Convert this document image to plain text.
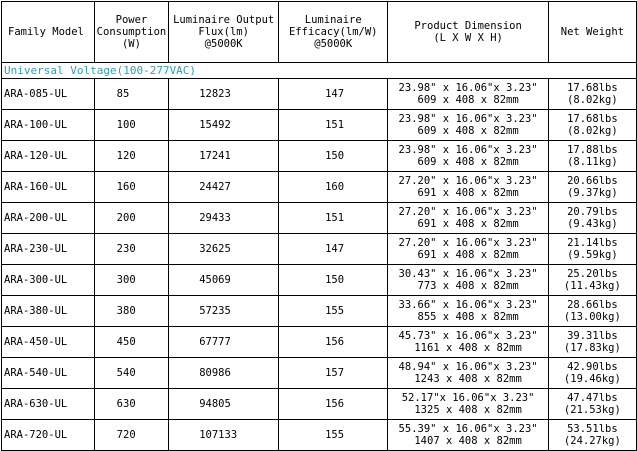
Family Model	Power
Consumption
(W)	Luminaire Output
Flux(lm)
@5000K	Luminaire
Efficacy(lm/W)
@5000K	Product Dimension
(L X W X H)	Net Weight

Universal Voltage(100-277VAC)					
ARA-085-UL	85	12823	147	23.98" x 16.06"x 3.23"
609 x 408 x 82mm	17.68lbs
(8.02kg)

ARA-100-UL	100	15492	151	23.98" x 16.06"x 3.23"
609 x 408 x 82mm	17.68lbs
(8.02kg)

ARA-120-UL	120	17241	150	23.98" x 16.06"x 3.23"
609 x 408 x 82mm	17.88lbs
(8.11kg)

ARA-160-UL	160	24427	160	27.20" x 16.06"x 3.23"
691 x 408 x 82mm	20.66lbs
(9.37kg)

ARA-200-UL	200	29433	151	27.20" x 16.06"x 3.23"
691 x 408 x 82mm	20.79lbs
(9.43kg)

ARA-230-UL	230	32625	147	27.20" x 16.06"x 3.23"
691 x 408 x 82mm	21.14lbs
(9.59kg)

ARA-300-UL	300	45069	150	30.43" x 16.06"x 3.23"
773 x 408 x 82mm	25.20lbs
(11.43kg)

ARA-380-UL	380	57235	155	33.66" x 16.06"x 3.23"
855 x 408 x 82mm	28.66lbs
(13.00kg)

ARA-450-UL	450	67777	156	45.73" x 16.06"x 3.23"
1161 x 408 x 82mm	39.31lbs
(17.83kg)

ARA-540-UL	540	80986	157	48.94" x 16.06"x 3.23"
1243 x 408 x 82mm	42.90lbs
(19.46kg)

ARA-630-UL	630	94805	156	52.17"x 16.06"x 3.23"
1325 x 408 x 82mm	47.47lbs
(21.53kg)

ARA-720-UL	720	107133	155	55.39" x 16.06"x 3.23"
1407 x 408 x 82mm	53.51lbs
(24.27kg)
